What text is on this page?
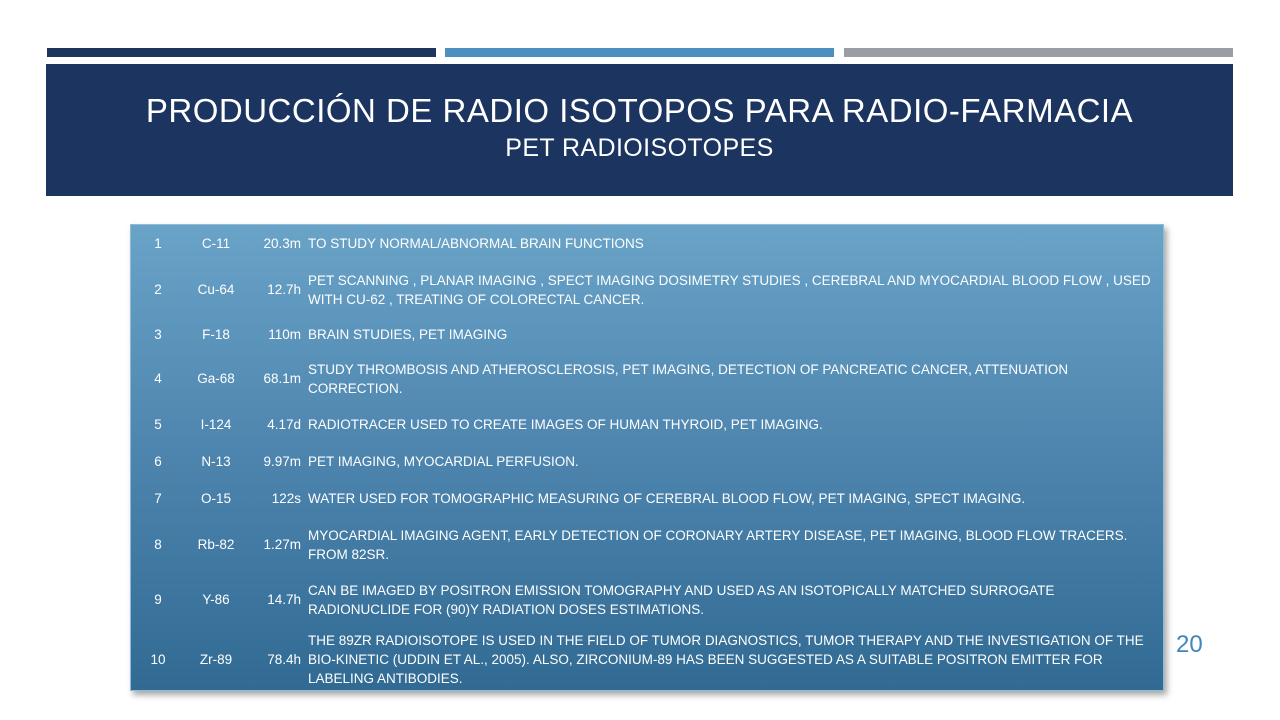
PRODUCCIÓN DE RADIO ISOTOPOS PARA RADIO-FARMACIA
PET RADIOISOTOPES
1	C-11	20.3m	TO STUDY NORMAL/ABNORMAL BRAIN FUNCTIONS
2	Cu-64	12.7h	PET SCANNING , PLANAR IMAGING , SPECT IMAGING DOSIMETRY STUDIES , CEREBRAL AND MYOCARDIAL BLOOD FLOW , USED WITH CU-62 , TREATING OF COLORECTAL CANCER.
3	F-18	110m	BRAIN STUDIES, PET IMAGING
4	Ga-68	68.1m	STUDY THROMBOSIS AND ATHEROSCLEROSIS, PET IMAGING, DETECTION OF PANCREATIC CANCER, ATTENUATION CORRECTION.
5	I-124	4.17d	RADIOTRACER USED TO CREATE IMAGES OF HUMAN THYROID, PET IMAGING.
6	N-13	9.97m	PET IMAGING, MYOCARDIAL PERFUSION.
7	O-15	122s	WATER USED FOR TOMOGRAPHIC MEASURING OF CEREBRAL BLOOD FLOW, PET IMAGING, SPECT IMAGING.
8	Rb-82	1.27m	MYOCARDIAL IMAGING AGENT, EARLY DETECTION OF CORONARY ARTERY DISEASE, PET IMAGING, BLOOD FLOW TRACERS. FROM 82SR.
9	Y-86	14.7h	CAN BE IMAGED BY POSITRON EMISSION TOMOGRAPHY AND USED AS AN ISOTOPICALLY MATCHED SURROGATE RADIONUCLIDE FOR (90)Y RADIATION DOSES ESTIMATIONS.
10	Zr-89	78.4h	THE 89ZR RADIOISOTOPE IS USED IN THE FIELD OF TUMOR DIAGNOSTICS, TUMOR THERAPY AND THE INVESTIGATION OF THE BIO-KINETIC (UDDIN ET AL., 2005). ALSO, ZIRCONIUM-89 HAS BEEN SUGGESTED AS A SUITABLE POSITRON EMITTER FOR LABELING ANTIBODIES.
20
